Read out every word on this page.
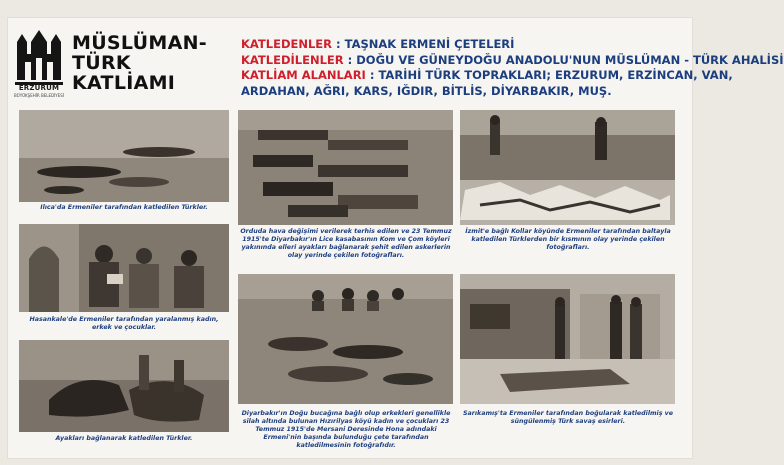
ERZURUM
BÜYÜKŞEHİR BELEDİYESİ
MÜSLÜMAN-
TÜRK
KATLİAMI
KATLEDENLER : TAŞNAK ERMENİ ÇETELERİ
KATLEDİLENLER : DOĞU VE GÜNEYDOĞU ANADOLU'NUN MÜSLÜMAN - TÜRK AHALİSİ
KATLİAM ALANLARI : TARİHİ TÜRK TOPRAKLARI; ERZURUM, ERZİNCAN, VAN,
ARDAHAN, AĞRI, KARS, IĞDIR, BİTLİS, DİYARBAKIR, MUŞ.
Ilıca'da Ermeniler tarafından katledilen Türkler.
Hasankale'de Ermeniler tarafından yaralanmış kadın, erkek ve çocuklar.
Ayakları bağlanarak katledilen Türkler.
Orduda hava değişimi verilerek terhis edilen ve 23 Temmuz 1915'te Diyarbakır'ın Lice kasabasının Kom ve Çom köyleri yakınında elleri ayakları bağlanarak şehit edilen askerlerin olay yerinde çekilen fotoğrafları.
Diyarbakır'ın Doğu bucağına bağlı olup erkekleri genellikle silah altında bulunan Hızırilyas köyü kadın ve çocukları 23 Temmuz 1915'de Mersani Deresinde Hona adındaki Ermeni'nin başında bulunduğu çete tarafından katledilmesinin fotoğrafıdır.
İzmit'e bağlı Kollar köyünde Ermeniler tarafından baltayla katledilen Türklerden bir kısmının olay yerinde çekilen fotoğrafları.
Sarıkamış'ta Ermeniler tarafından boğularak katledilmiş ve süngülenmiş Türk savaş esirleri.
